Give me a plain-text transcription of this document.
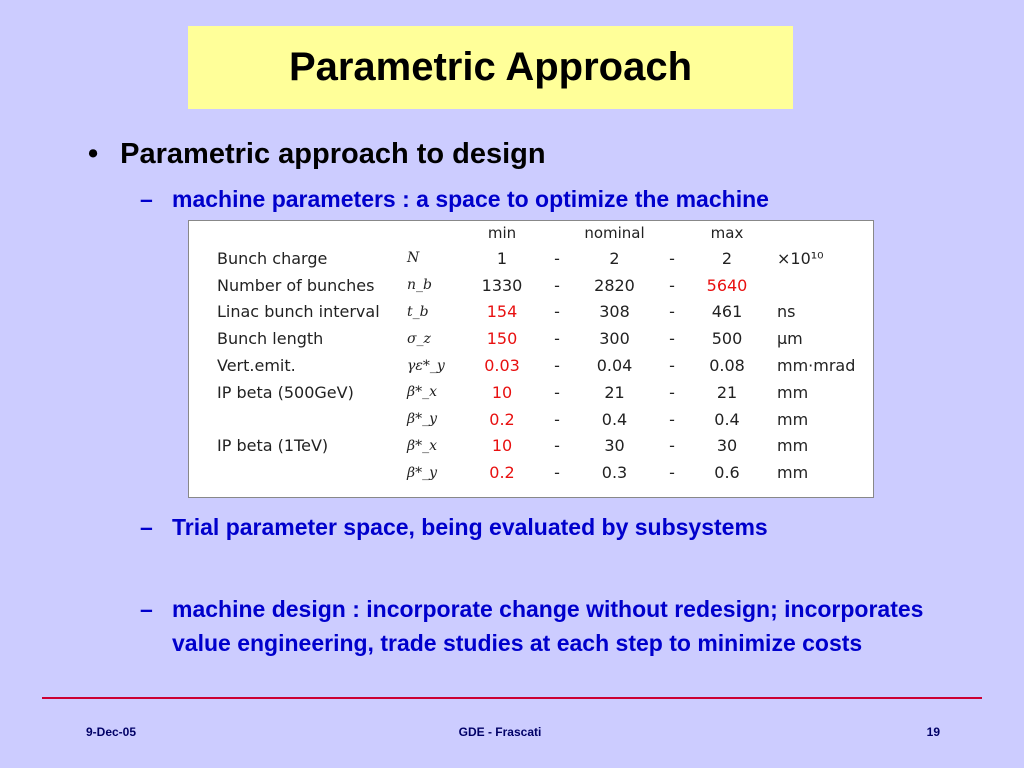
Parametric Approach
• Parametric approach to design
– machine parameters : a space to optimize the machine
		min		nominal		max	
Bunch charge	N	1	-	2	-	2	×10¹⁰
Number of bunches	n_b	1330	-	2820	-	5640	
Linac bunch interval	t_b	154	-	308	-	461	ns
Bunch length	σ_z	150	-	300	-	500	μm
Vert.emit.	γε*_y	0.03	-	0.04	-	0.08	mm·mrad
IP beta (500GeV)	β*_x	10	-	21	-	21	mm
	β*_y	0.2	-	0.4	-	0.4	mm
IP beta (1TeV)	β*_x	10	-	30	-	30	mm
	β*_y	0.2	-	0.3	-	0.6	mm
– Trial parameter space, being evaluated by subsystems
– machine design : incorporate change without redesign; incorporates value engineering, trade studies at each step to minimize costs
9-Dec-05	GDE - Frascati	19
